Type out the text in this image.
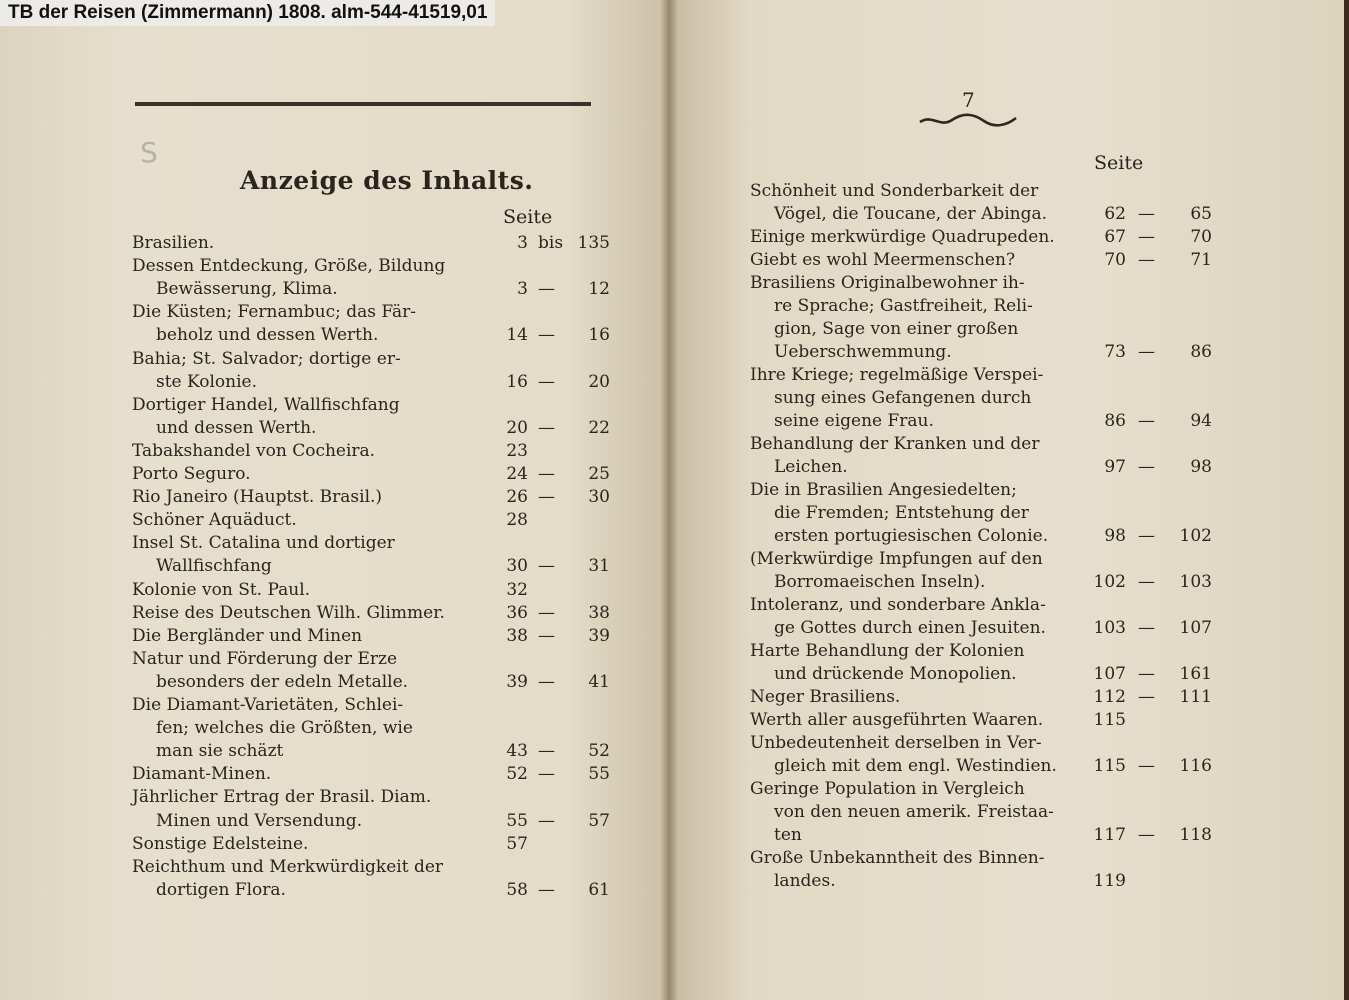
TB der Reisen (Zimmermann) 1808. alm-544-41519,01
S
Anzeige des Inhalts.
Seite
Brasilien.	3 bis 135
Dessen Entdeckung, Größe, Bildung
Bewässerung, Klima.	3 —	12
Die Küsten; Fernambuc; das Fär-
beholz und dessen Werth.	14 —	16
Bahia; St. Salvador; dortige er-
ste Kolonie.	16 —	20
Dortiger Handel, Wallfischfang
und dessen Werth.	20 —	22
Tabakshandel von Cocheira.	23
Porto Seguro.	24 —	25
Rio Janeiro (Hauptst. Brasil.)	26 —	30
Schöner Aquäduct.	28
Insel St. Catalina und dortiger
Wallfischfang	30 —	31
Kolonie von St. Paul.	32
Reise des Deutschen Wilh. Glimmer.	36 —	38
Die Bergländer und Minen	38 —	39
Natur und Förderung der Erze
besonders der edeln Metalle.	39 —	41
Die Diamant-Varietäten, Schlei-
fen; welches die Größten, wie
man sie schäzt	43 —	52
Diamant-Minen.	52 —	55
Jährlicher Ertrag der Brasil. Diam.
Minen und Versendung.	55 —	57
Sonstige Edelsteine.	57
Reichthum und Merkwürdigkeit der
dortigen Flora.	58 —	61
7
Seite
Schönheit und Sonderbarkeit der
Vögel, die Toucane, der Abinga.	62 —	65
Einige merkwürdige Quadrupeden.	67 —	70
Giebt es wohl Meermenschen?	70 —	71
Brasiliens Originalbewohner ih-
re Sprache; Gastfreiheit, Reli-
gion, Sage von einer großen
Ueberschwemmung.	73 —	86
Ihre Kriege; regelmäßige Verspei-
sung eines Gefangenen durch
seine eigene Frau.	86 —	94
Behandlung der Kranken und der
Leichen.	97 —	98
Die in Brasilien Angesiedelten;
die Fremden; Entstehung der
ersten portugiesischen Colonie.	98 —	102
(Merkwürdige Impfungen auf den
Borromaeischen Inseln).	102 —	103
Intoleranz, und sonderbare Ankla-
ge Gottes durch einen Jesuiten.	103 —	107
Harte Behandlung der Kolonien
und drückende Monopolien.	107 —	161
Neger Brasiliens.	112 —	111
Werth aller ausgeführten Waaren.	115
Unbedeutenheit derselben in Ver-
gleich mit dem engl. Westindien.	115 —	116
Geringe Population in Vergleich
von den neuen amerik. Freistaa-
ten	117 —	118
Große Unbekanntheit des Binnen-
landes.	119
